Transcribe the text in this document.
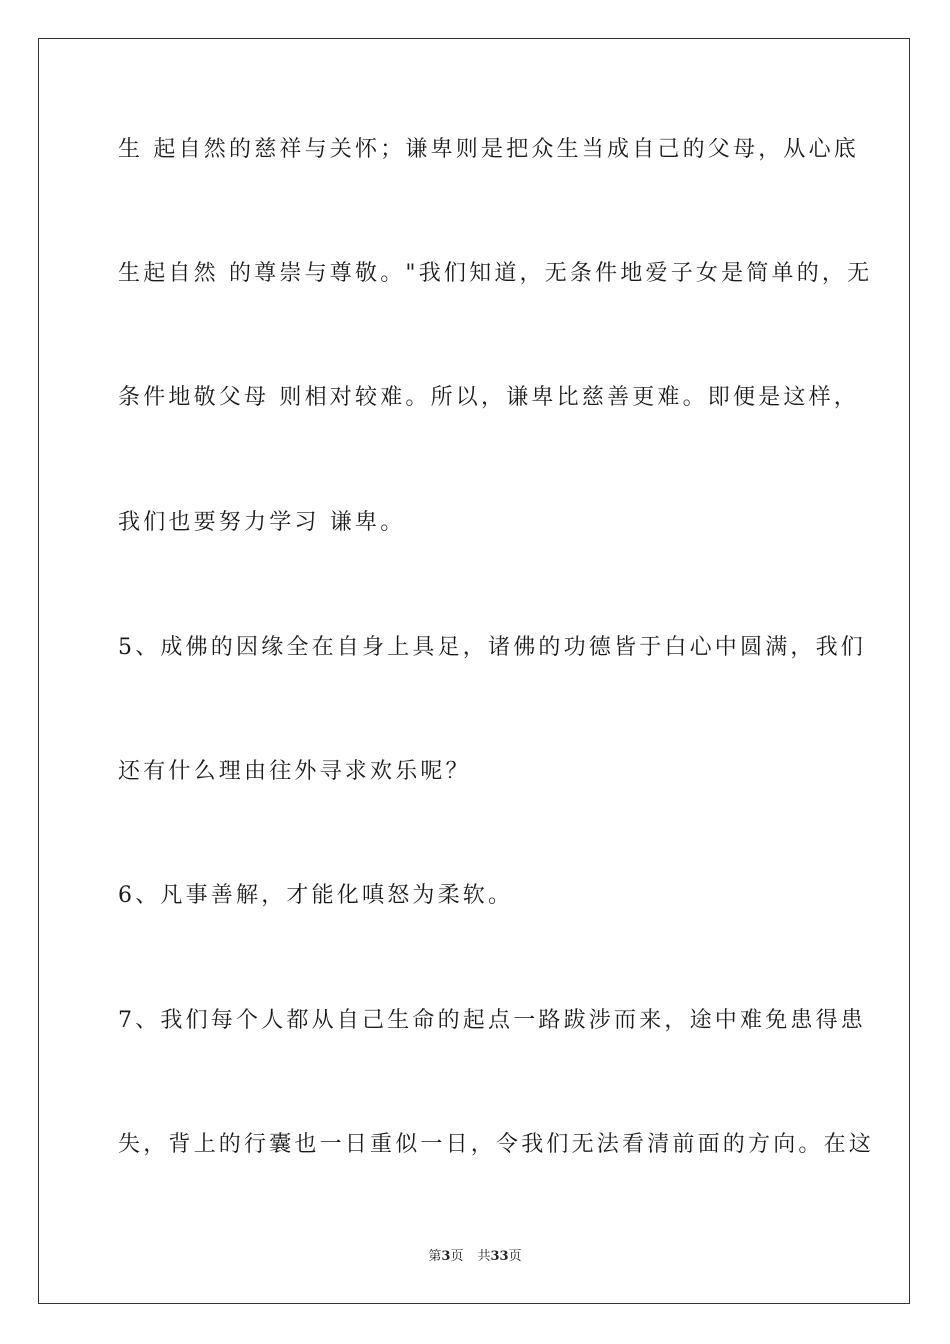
生 起自然的慈祥与关怀；谦卑则是把众生当成自己的父母，从心底
生起自然 的尊崇与尊敬。"我们知道，无条件地爱子女是简单的，无
条件地敬父母 则相对较难。所以，谦卑比慈善更难。即便是这样，
我们也要努力学习 谦卑。
5、成佛的因缘全在自身上具足，诸佛的功德皆于白心中圆满，我们
还有什么理由往外寻求欢乐呢？
6、凡事善解，才能化嗔怒为柔软。
7、我们每个人都从自己生命的起点一路跋涉而来，途中难免患得患
失，背上的行囊也一日重似一日，令我们无法看清前面的方向。在这
第3页 共33页
